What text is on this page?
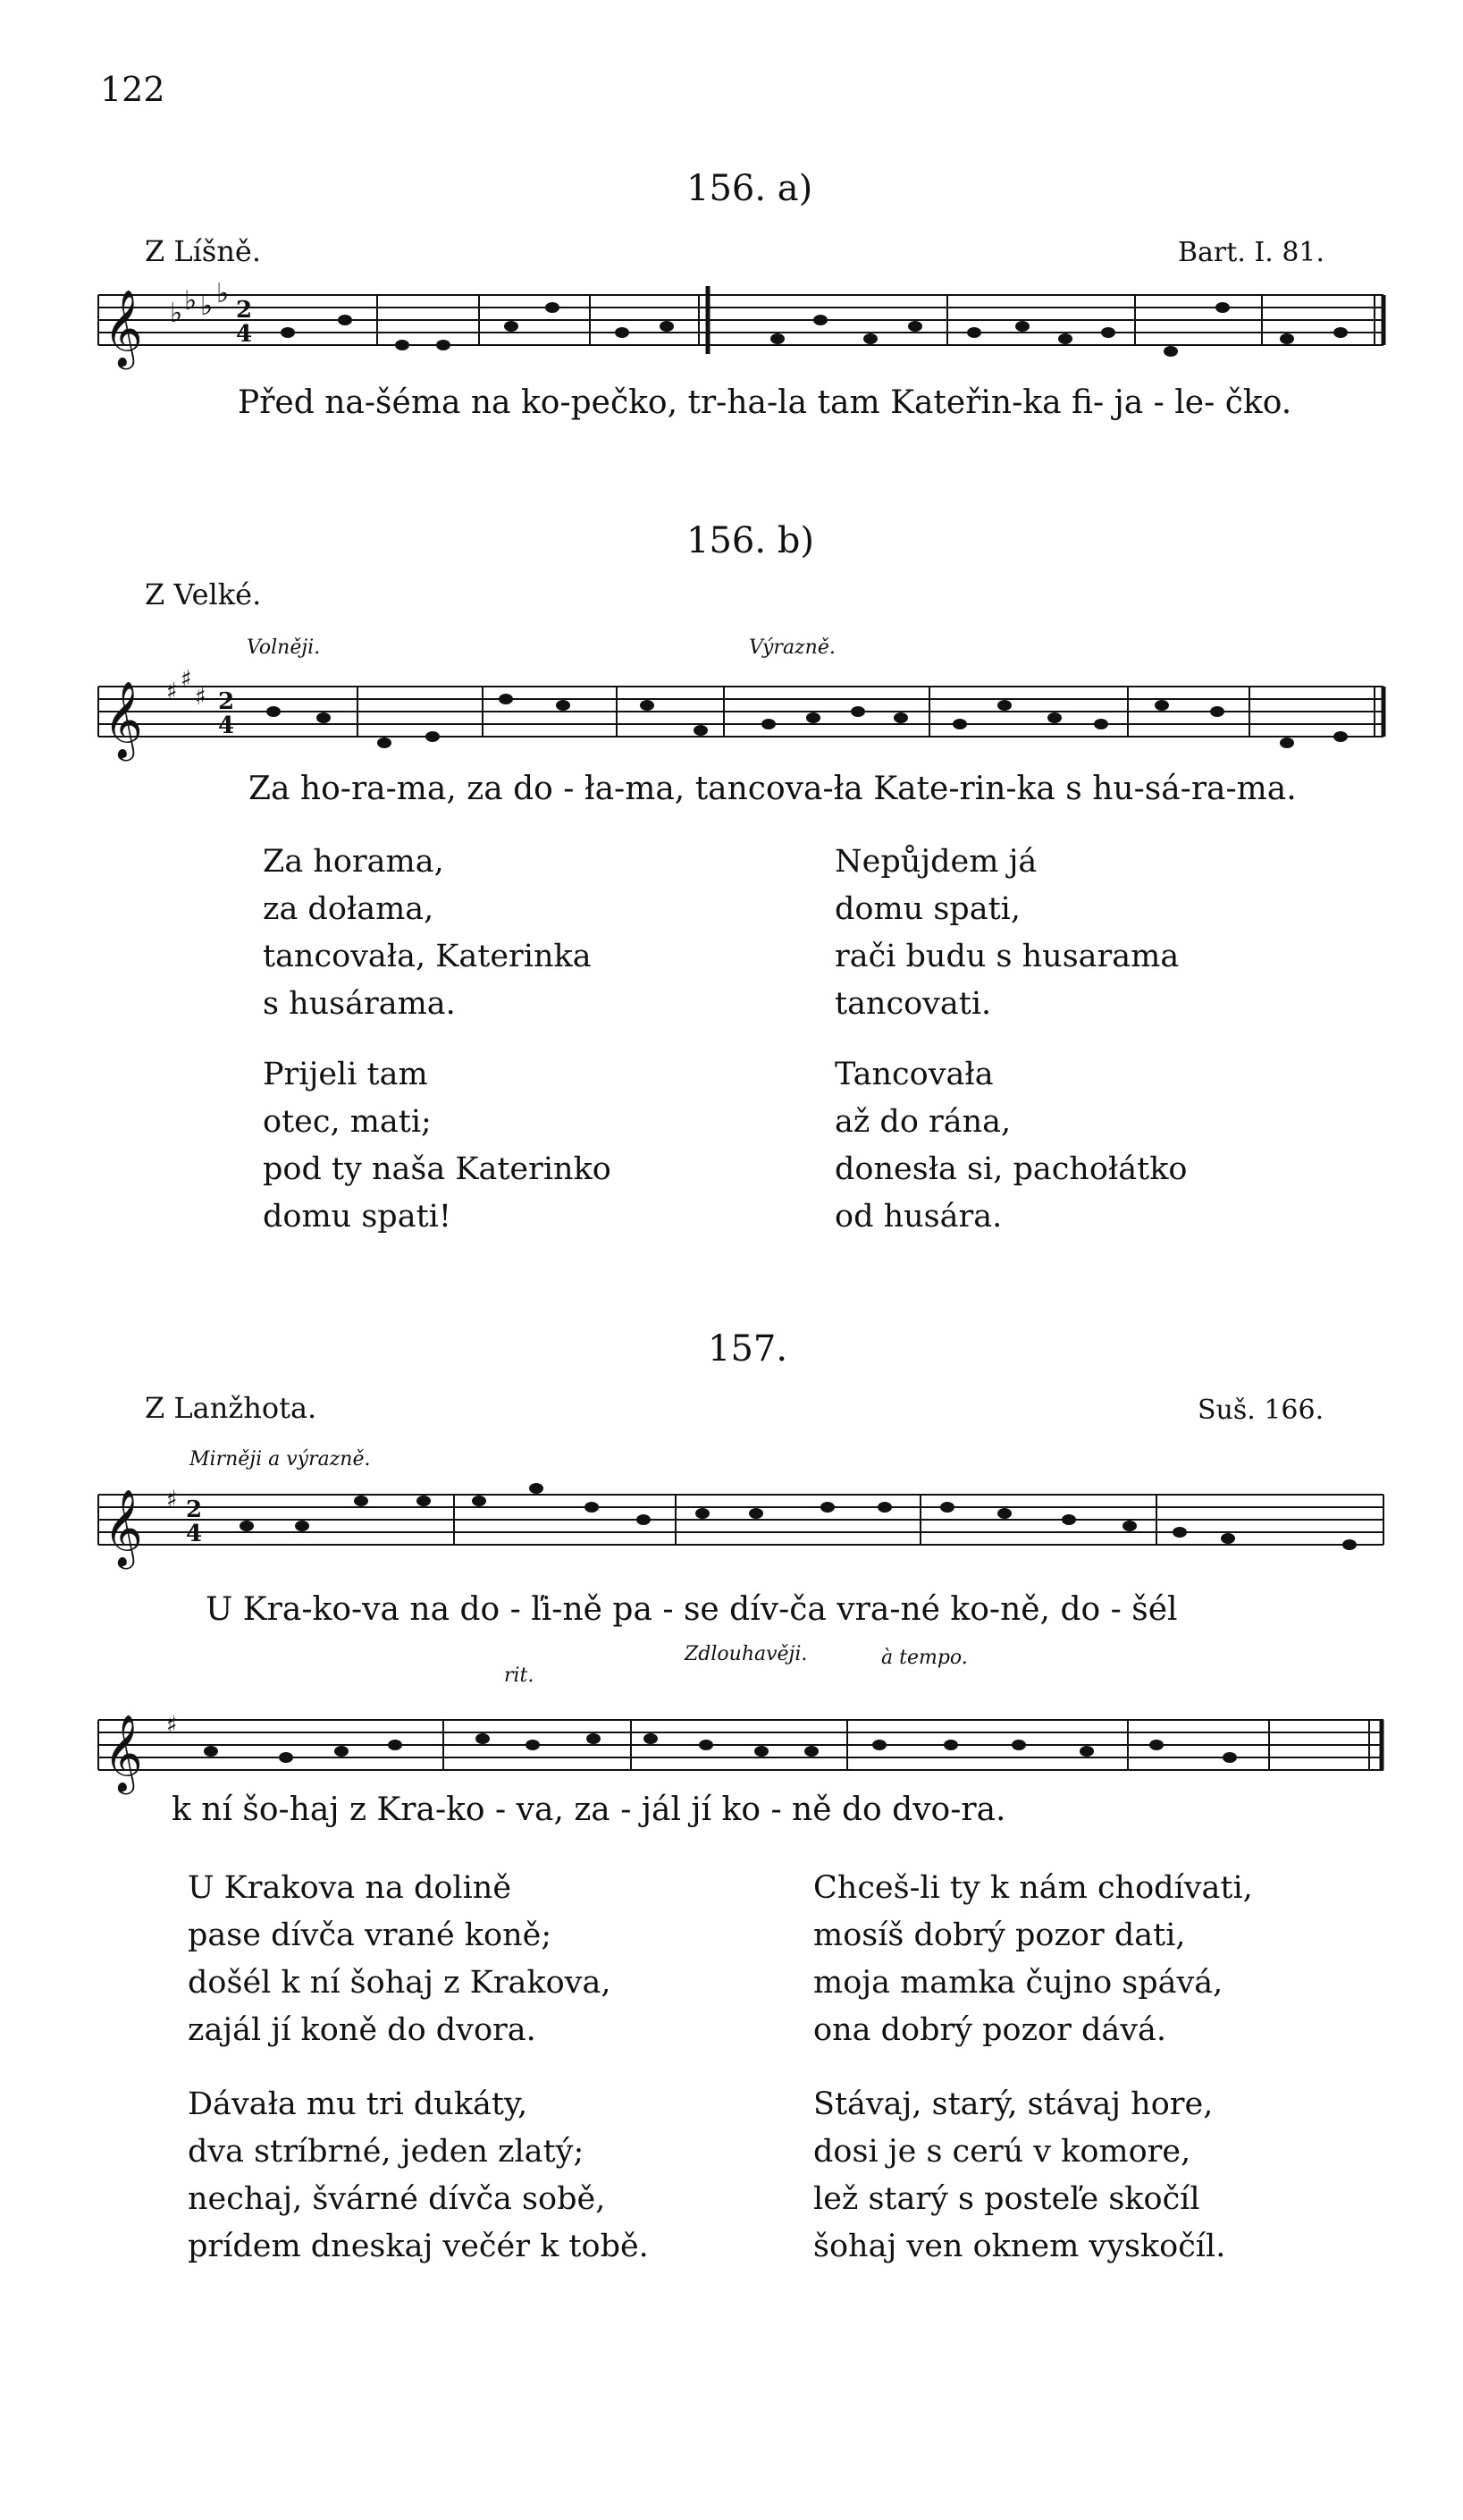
122
156. a)
Z Líšně.	Bart. I. 81.
𝄞 ♭ ♭ ♭ ♭
2
4
𝄞 ♯ ♯
♯ 2
4
𝄞 ♯ 2
4
𝄞 ♯
Před na-šéma na ko-pečko, tr-ha-la tam Kateřin-ka fi- ja - le- čko.
156. b)
Z Velké.
Volněji.	Výrazně.
Za ho-ra-ma, za do - ła-ma, tancova-ła Kate-rin-ka s hu-sá-ra-ma.
Za horama,
za dołama,
tancovała, Katerinka
s husárama.
Nepůjdem já
domu spati,
rači budu s husarama
tancovati.
Prijeli tam
otec, mati;
pod ty naša Katerinko
domu spati!
Tancovała
až do rána,
donesła si, pachołátko
od husára.
157.
Z Lanžhota.	Suš. 166.
Mirněji a výrazně.
U Kra-ko-va na do - ľi-ně pa - se dív-ča vra-né ko-ně, do - šél
rit.
Zdlouhavěji.	à tempo.
k ní šo-haj z Kra-ko - va, za - jál jí ko - ně do dvo-ra.
U Krakova na dolině
pase dívča vrané koně;
došél k ní šohaj z Krakova,
zajál jí koně do dvora.
Chceš-li ty k nám chodívati,
mosíš dobrý pozor dati,
moja mamka čujno spává,
ona dobrý pozor dává.
Dávała mu tri dukáty,
dva stríbrné, jeden zlatý;
nechaj, švárné dívča sobě,
prídem dneskaj večér k tobě.
Stávaj, starý, stávaj hore,
dosi je s cerú v komore,
lež starý s posteľe skočíl
šohaj ven oknem vyskočíl.
